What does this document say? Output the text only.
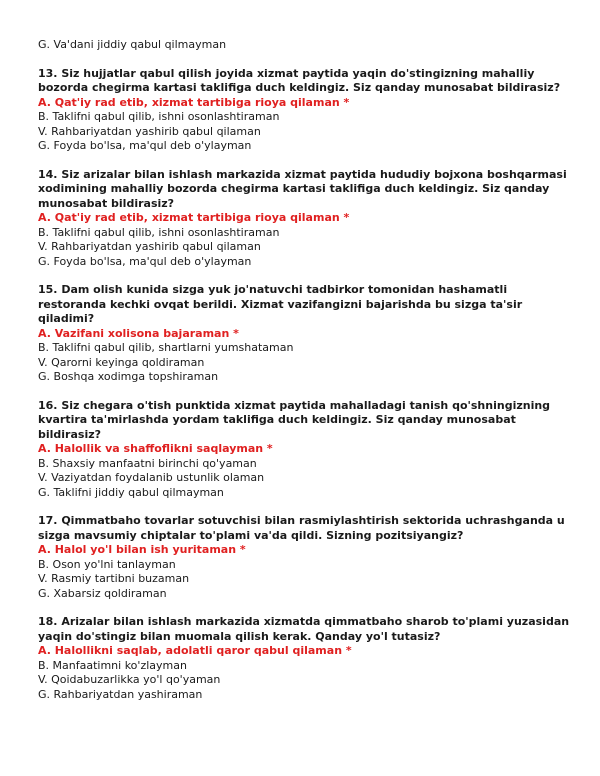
G. Va'dani jiddiy qabul qilmayman
13. Siz hujjatlar qabul qilish joyida xizmat paytida yaqin do'stingizning mahalliy
bozorda chegirma kartasi taklifiga duch keldingiz. Siz qanday munosabat bildirasiz?
A. Qat'iy rad etib, xizmat tartibiga rioya qilaman *
B. Taklifni qabul qilib, ishni osonlashtiraman
V. Rahbariyatdan yashirib qabul qilaman
G. Foyda bo'lsa, ma'qul deb o'ylayman
14. Siz arizalar bilan ishlash markazida xizmat paytida hududiy bojxona boshqarmasi
xodimining mahalliy bozorda chegirma kartasi taklifiga duch keldingiz. Siz qanday
munosabat bildirasiz?
A. Qat'iy rad etib, xizmat tartibiga rioya qilaman *
B. Taklifni qabul qilib, ishni osonlashtiraman
V. Rahbariyatdan yashirib qabul qilaman
G. Foyda bo'lsa, ma'qul deb o'ylayman
15. Dam olish kunida sizga yuk jo'natuvchi tadbirkor tomonidan hashamatli
restoranda kechki ovqat berildi. Xizmat vazifangizni bajarishda bu sizga ta'sir
qiladimi?
A. Vazifani xolisona bajaraman *
B. Taklifni qabul qilib, shartlarni yumshataman
V. Qarorni keyinga qoldiraman
G. Boshqa xodimga topshiraman
16. Siz chegara o'tish punktida xizmat paytida mahalladagi tanish qo'shningizning
kvartira ta'mirlashda yordam taklifiga duch keldingiz. Siz qanday munosabat
bildirasiz?
A. Halollik va shaffoflikni saqlayman *
B. Shaxsiy manfaatni birinchi qo'yaman
V. Vaziyatdan foydalanib ustunlik olaman
G. Taklifni jiddiy qabul qilmayman
17. Qimmatbaho tovarlar sotuvchisi bilan rasmiylashtirish sektorida uchrashganda u
sizga mavsumiy chiptalar to'plami va'da qildi. Sizning pozitsiyangiz?
A. Halol yo'l bilan ish yuritaman *
B. Oson yo'lni tanlayman
V. Rasmiy tartibni buzaman
G. Xabarsiz qoldiraman
18. Arizalar bilan ishlash markazida xizmatda qimmatbaho sharob to'plami yuzasidan
yaqin do'stingiz bilan muomala qilish kerak. Qanday yo'l tutasiz?
A. Halollikni saqlab, adolatli qaror qabul qilaman *
B. Manfaatimni ko'zlayman
V. Qoidabuzarlikka yo'l qo'yaman
G. Rahbariyatdan yashiraman
